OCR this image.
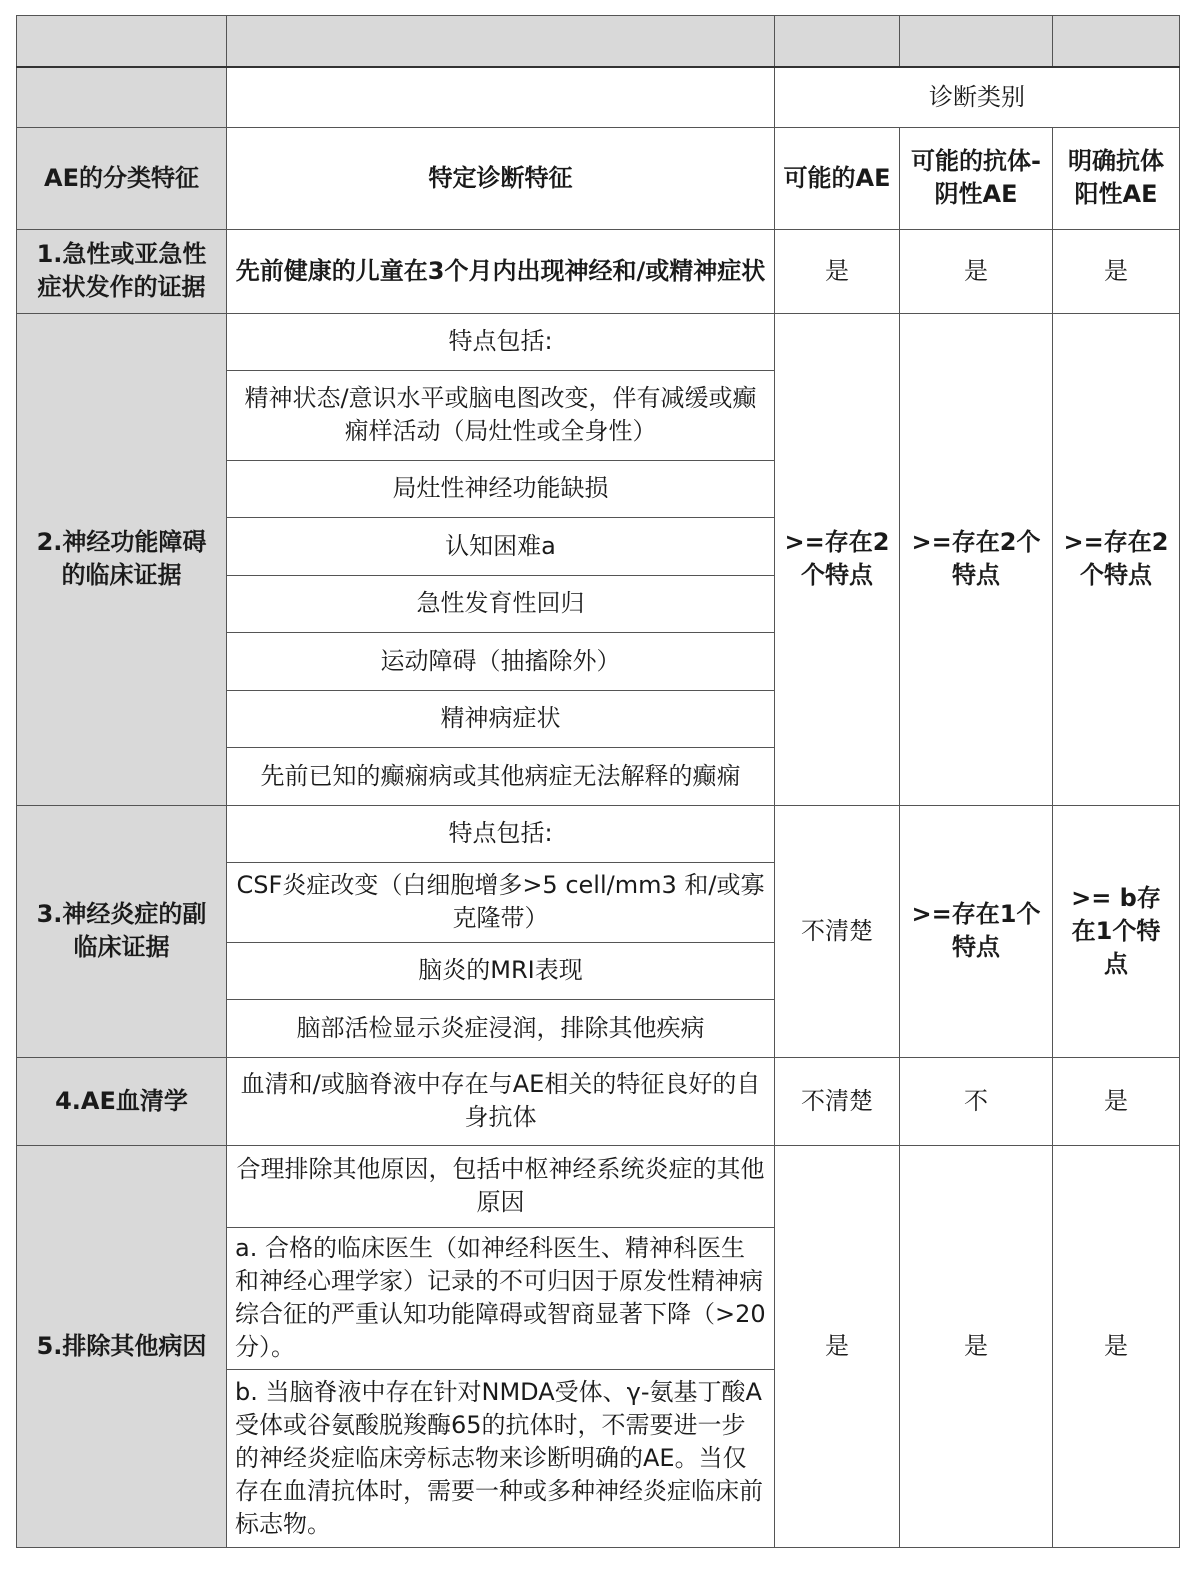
		诊断类别		
AE的分类特征	特定诊断特征	可能的AE	可能的抗体-阴性AE	明确抗体阳性AE
1.急性或亚急性症状发作的证据	先前健康的儿童在3个月内出现神经和/或精神症状	是	是	是
2.神经功能障碍的临床证据	特点包括:	>=存在2个特点	>=存在2个特点	>=存在2个特点
	精神状态/意识水平或脑电图改变，伴有减缓或癫痫样活动（局灶性或全身性）			
	局灶性神经功能缺损			
	认知困难a			
	急性发育性回归			
	运动障碍（抽搐除外）			
	精神病症状			
	先前已知的癫痫病或其他病症无法解释的癫痫			
3.神经炎症的副临床证据	特点包括:	不清楚	>=存在1个特点	>= b存在1个特点
	CSF炎症改变（白细胞增多>5 cell/mm3 和/或寡克隆带）			
	脑炎的MRI表现			
	脑部活检显示炎症浸润，排除其他疾病			
4.AE血清学	血清和/或脑脊液中存在与AE相关的特征良好的自身抗体	不清楚	不	是
5.排除其他病因	合理排除其他原因，包括中枢神经系统炎症的其他原因	是	是	是
	a. 合格的临床医生（如神经科医生、精神科医生和神经心理学家）记录的不可归因于原发性精神病综合征的严重认知功能障碍或智商显著下降（>20分）。			
	b. 当脑脊液中存在针对NMDA受体、γ-氨基丁酸A受体或谷氨酸脱羧酶65的抗体时，不需要进一步的神经炎症临床旁标志物来诊断明确的AE。当仅存在血清抗体时，需要一种或多种神经炎症临床前标志物。			
